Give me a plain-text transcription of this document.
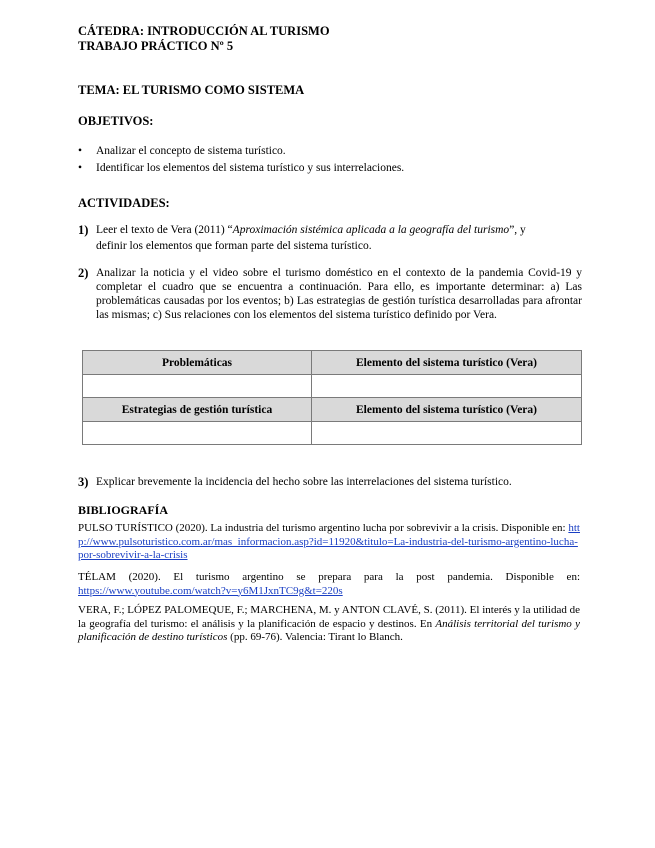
CÁTEDRA: INTRODUCCIÓN AL TURISMO
TRABAJO PRÁCTICO Nº 5
TEMA: EL TURISMO COMO SISTEMA
OBJETIVOS:
•	Analizar el concepto de sistema turístico.
•	Identificar los elementos del sistema turístico y sus interrelaciones.
ACTIVIDADES:
1) Leer el texto de Vera (2011) “Aproximación sistémica aplicada a la geografía del turismo”, y
definir los elementos que forman parte del sistema turístico.
2) Analizar la noticia y el video sobre el turismo doméstico en el contexto de la pandemia Covid-19 y completar el cuadro que se encuentra a continuación. Para ello, es importante determinar: a) Las problemáticas causadas por los eventos; b) Las estrategias de gestión turística desarrolladas para afrontar las mismas; c) Sus relaciones con los elementos del sistema turístico definido por Vera.
Problemáticas	Elemento del sistema turístico (Vera)

Estrategias de gestión turística	Elemento del sistema turístico (Vera)

3) Explicar brevemente la incidencia del hecho sobre las interrelaciones del sistema turístico.
BIBLIOGRAFÍA
PULSO TURÍSTICO (2020). La industria del turismo argentino lucha por sobrevivir a la crisis. Disponible en: http://www.pulsoturistico.com.ar/mas_informacion.asp?id=11920&titulo=La-industria-del-turismo-argentino-lucha-por-sobrevivir-a-la-crisis
TÉLAM (2020). El turismo argentino se prepara para la post pandemia. Disponible en: https://www.youtube.com/watch?v=y6M1JxnTC9g&t=220s
VERA, F.; LÓPEZ PALOMEQUE, F.; MARCHENA, M. y ANTON CLAVÉ, S. (2011). El interés y la utilidad de la geografía del turismo: el análisis y la planificación de espacio y destinos. En Análisis territorial del turismo y planificación de destino turísticos (pp. 69-76). Valencia: Tirant lo Blanch.
